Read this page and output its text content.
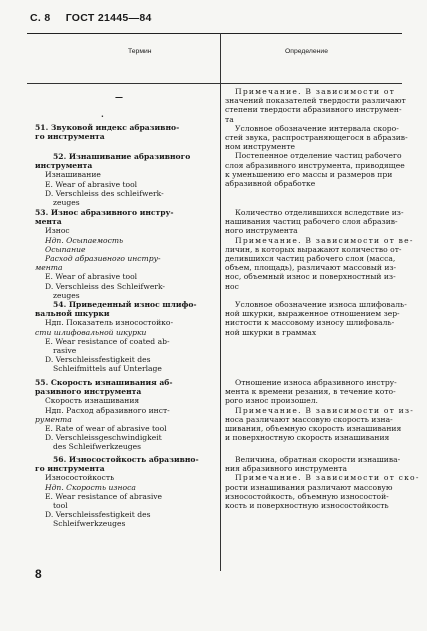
С. 8 ГОСТ 21445—84
Термин	Определение
—
·
51. Звуковой индекс абразивно-
го инструмента
52. Изнашивание абразивного
инструмента
Изнашивание
E. Wear of abrasive tool
D. Verschleiss des schleifwerk-
zeuges
53. Износ абразивного инстру-
мента
Износ
Ндп. Осыпаемость
Осыпание
Расход абразивного инстру-
мента
E. Wear of abrasive tool
D. Verschleiss des Schleifwerk-
zeuges
54. Приведенный износ шлифо-
вальной шкурки
Ндп. Показатель износостойко-
сти шлифовальной шкурки
E. Wear resistance of coated ab-
rasive
D. Verschleissfestigkeit des
Schleifmittels auf Unterlage
55. Скорость изнашивания аб-
разивного инструмента
Скорость изнашивания
Ндп. Расход абразивного инст-
румента
E. Rate of wear of abrasive tool
D. Verschleissgeschwindigkeit
des Schleifwerkzeuges
56. Износостойкость абразивно-
го инструмента
Износостойкость
Ндп. Скорость износа
E. Wear resistance of abrasive
tool
D. Verschleissfestigkeit des
Schleifwerkzeuges
Примечание. В зависимости от
значений показателей твердости различают
степени твердости абразивного инструмен-
та
Условное обозначение интервала скоро-
стей звука, распространяющегося в абразив-
ном инструменте
Постепенное отделение частиц рабочего
слоя абразивного инструмента, приводящее
к уменьшению его массы и размеров при
абразивной обработке
Количество отделившихся вследствие из-
нашивания частиц рабочего слоя абразив-
ного инструмента
Примечание. В зависимости от ве-
личин, в которых выражают количество от-
делившихся частиц рабочего слоя (масса,
объем, площадь), различают массовый из-
нос, объемный износ и поверхностный из-
нос
Условное обозначение износа шлифоваль-
ной шкурки, выраженное отношением зер-
нистости к массовому износу шлифоваль-
ной шкурки в граммах
Отношение износа абразивного инстру-
мента к времени резания, в течение кото-
рого износ произошел.
Примечание. В зависимости от из-
носа различают массовую скорость изна-
шивания, объемную скорость изнашивания
и поверхностную скорость изнашивания
Величина, обратная скорости изнашива-
ния абразивного инструмента
Примечание. В зависимости от ско-
рости изнашивания различают массовую
износостойкость, объемную износостой-
кость и поверхностную износостойкость
8
